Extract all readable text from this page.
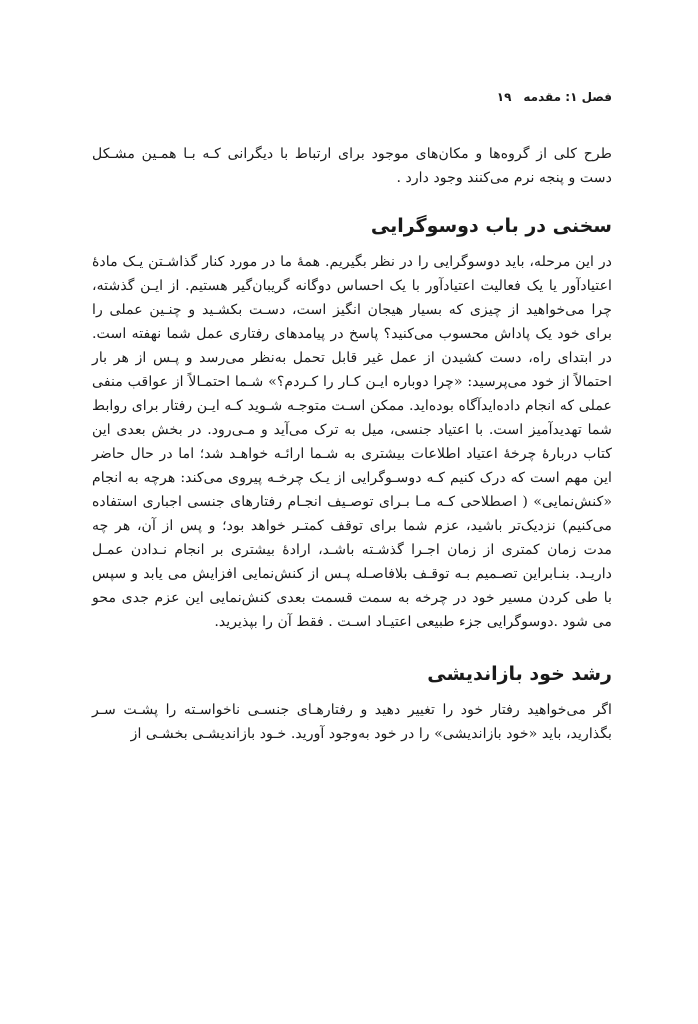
فصل ۱: مقدمه۱۹

طرح کلی از گروه‌ها و مکان‌های موجود برای ارتباط با دیگرانی کـه بـا همـین مشـکل دست و پنجه نرم می‌کنند وجود دارد .

سخنی در باب دوسوگرایی

در این مرحله، باید دوسوگرایی را در نظر بگیریم. همهٔ ما در مورد کنار گذاشـتن یـک مادهٔ اعتیادآور یا یک فعالیت اعتیادآور با یک احساس دوگانه گریبان‌گیر هستیم. از ایـن گذشته، چرا می‌خواهید از چیزی که بسیار هیجان انگیز است، دسـت بکشـید و چنـین عملی را برای خود یک پاداش محسوب می‌کنید؟ پاسخ در پیامدهای رفتاری عمل شما نهفته است. در ابتدای راه، دست کشیدن از عمل غیر قابل تحمل به‌نظر می‌رسد و پـس از هر بار احتمالاً از خود می‌پرسید: «چرا دوباره ایـن کـار را کـردم؟» شـما احتمـالاً از عواقب منفی عملی که انجام داده‌اید‌آگاه بوده‌اید. ممکن اسـت متوجـه شـوید کـه ایـن رفتار برای روابط شما تهدیدآمیز است. با اعتیاد جنسی، میل به ترک می‌آید و مـی‌رود. در بخش بعدی این کتاب دربارهٔ چرخهٔ اعتیاد اطلاعات بیشتری به شـما ارائـه خواهـد شد؛ اما در حال حاضر این مهم است که درک کنیم کـه دوسـوگرایی از یـک چرخـه پیروی می‌کند: هرچه به انجام «کنش‌نمایی» ( اصطلاحی کـه مـا بـرای توصـیف انجـام رفتارهای جنسی اجباری استفاده می‌کنیم) نزدیک‌تر باشید، عزم شما برای توقف کمتـر خواهد بود؛ و پس از آن، هر چه مدت زمان کمتری از زمان اجـرا گذشـته باشـد، ارادهٔ بیشتری بر انجام نـدادن عمـل داریـد. بنـابراین تصـمیم بـه توقـف بلافاصـله پـس از کنش‌نمایی افزایش می یابد و سپس با طی کردن مسیر خود در چرخه به سمت قسمت بعدی کنش‌نمایی این عزم جدی محو می شود .دوسوگرایی جزء طبیعی اعتیـاد اسـت . فقط آن را بپذیرید.

رشد خود بازاندیشی

اگر می‌خواهید رفتار خود را تغییر دهید و رفتارهـای جنسـی ناخواسـته را پشـت سـر بگذارید، باید «خود بازاندیشی» را در خود به‌وجود آورید. خـود بازاندیشـی بخشـی از
